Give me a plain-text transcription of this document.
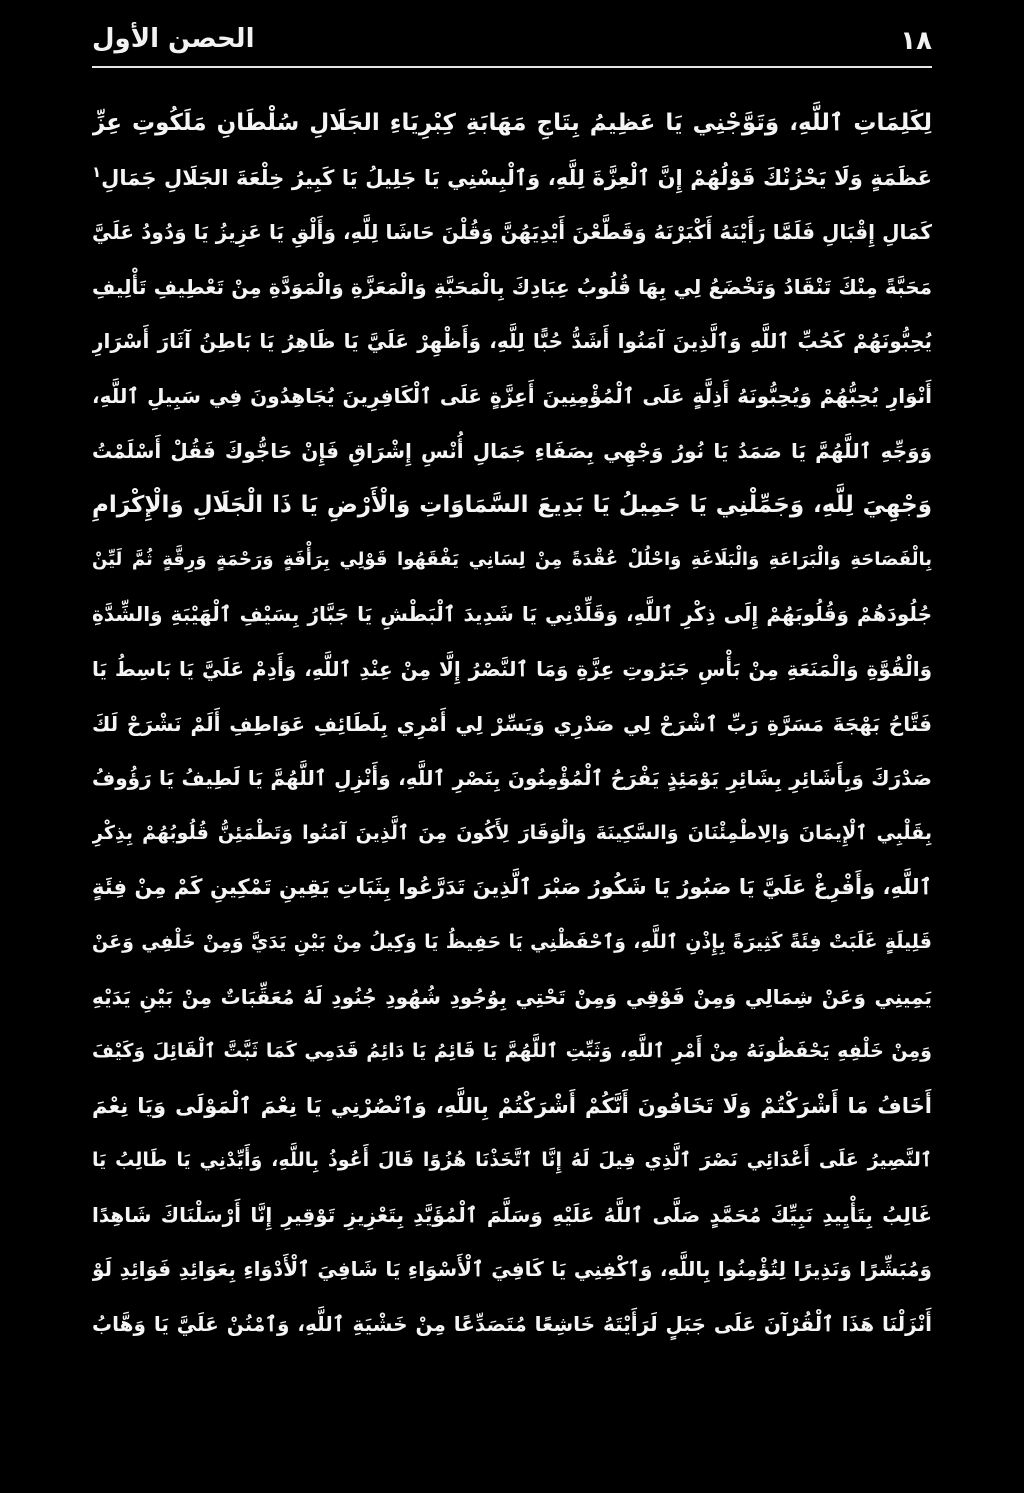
١٨
الحصن الأول
لِكَلِمَاتِ ٱللَّهِ، وَتَوَّجْنِي يَا عَظِيمُ بِتَاجِ مَهَابَةِ كِبْرِيَاءِ الجَلَالِ سُلْطَانِ مَلَكُوتِ عِزِّ
عَظَمَةٍ وَلَا يَحْزُنْكَ قَوْلُهُمْ إِنَّ ٱلْعِزَّةَ لِلَّهِ، وَٱلْبِسْنِي يَا جَلِيلُ يَا كَبِيرُ خِلْعَةَ الجَلَالِ جَمَالِ$^١$
كَمَالِ إِقْبَالِ فَلَمَّا رَأَيْنَهُ أَكْبَرْنَهُ وَقَطَّعْنَ أَيْدِيَهُنَّ وَقُلْنَ حَاشَا لِلَّهِ، وَأَلْقِ يَا عَزِيزُ يَا وَدُودُ عَلَيَّ
مَحَبَّةً مِنْكَ تَنْقَادُ وَتَخْضَعُ لِي بِهَا قُلُوبُ عِبَادِكَ بِالْمَحَبَّةِ وَالْمَعَزَّةِ وَالْمَوَدَّةِ مِنْ تَعْطِيفِ تَأْلِيفِ
يُحِبُّونَهُمْ كَحُبِّ ٱللَّهِ وَٱلَّذِينَ آمَنُوا أَشَدُّ حُبًّا لِلَّهِ، وَأَظْهِرْ عَلَيَّ يَا ظَاهِرُ يَا بَاطِنُ آثَارَ أَسْرَارِ
أَنْوَارِ يُحِبُّهُمْ وَيُحِبُّونَهُ أَذِلَّةٍ عَلَى ٱلْمُؤْمِنِينَ أَعِزَّةٍ عَلَى ٱلْكَافِرِينَ يُجَاهِدُونَ فِي سَبِيلِ ٱللَّهِ،
وَوَجِّهِ ٱللَّهُمَّ يَا صَمَدُ يَا نُورُ وَجْهِي بِصَفَاءِ جَمَالِ أُنْسِ إِشْرَاقِ فَإِنْ حَاجُّوكَ فَقُلْ أَسْلَمْتُ
وَجْهِيَ لِلَّهِ، وَجَمِّلْنِي يَا جَمِيلُ يَا بَدِيعَ السَّمَاوَاتِ وَالْأَرْضِ يَا ذَا الْجَلَالِ وَالْإِكْرَامِ
بِالْفَصَاحَةِ وَالْبَرَاعَةِ وَالْبَلَاغَةِ وَاحْلُلْ عُقْدَةً مِنْ لِسَانِي يَفْقَهُوا قَوْلِي بِرَأْفَةٍ وَرَحْمَةٍ وَرِقَّةٍ ثُمَّ لَيِّنْ
جُلُودَهُمْ وَقُلُوبَهُمْ إِلَى ذِكْرِ ٱللَّهِ، وَقَلِّدْنِي يَا شَدِيدَ ٱلْبَطْشِ يَا جَبَّارُ بِسَيْفِ ٱلْهَيْبَةِ وَالشِّدَّةِ
وَالْقُوَّةِ وَالْمَنَعَةِ مِنْ بَأْسِ جَبَرُوتِ عِزَّةِ وَمَا ٱلنَّصْرُ إِلَّا مِنْ عِنْدِ ٱللَّهِ، وَأَدِمْ عَلَيَّ يَا بَاسِطُ يَا
فَتَّاحُ بَهْجَةَ مَسَرَّةِ رَبِّ ٱشْرَحْ لِي صَدْرِي وَيَسِّرْ لِي أَمْرِي بِلَطَائِفِ عَوَاطِفِ أَلَمْ نَشْرَحْ لَكَ
صَدْرَكَ وَبِأَشَائِرِ بِشَائِرِ يَوْمَئِذٍ يَفْرَحُ ٱلْمُؤْمِنُونَ بِنَصْرِ ٱللَّهِ، وَأَنْزِلِ ٱللَّهُمَّ يَا لَطِيفُ يَا رَؤُوفُ
بِقَلْبِي ٱلْإِيمَانَ وَالِاطْمِئْنَانَ وَالسَّكِينَةَ وَالْوَقَارَ لِأَكُونَ مِنَ ٱلَّذِينَ آمَنُوا وَتَطْمَئِنُّ قُلُوبُهُمْ بِذِكْرِ
ٱللَّهِ، وَأَفْرِغْ عَلَيَّ يَا صَبُورُ يَا شَكُورُ صَبْرَ ٱلَّذِينَ تَدَرَّعُوا بِثَبَاتِ يَقِينِ تَمْكِينِ كَمْ مِنْ فِئَةٍ
قَلِيلَةٍ غَلَبَتْ فِئَةً كَثِيرَةً بِإِذْنِ ٱللَّهِ، وَٱحْفَظْنِي يَا حَفِيظُ يَا وَكِيلُ مِنْ بَيْنِ يَدَيَّ وَمِنْ خَلْفِي وَعَنْ
يَمِينِي وَعَنْ شِمَالِي وَمِنْ فَوْقِي وَمِنْ تَحْتِي بِوُجُودِ شُهُودِ جُنُودِ لَهُ مُعَقِّبَاتٌ مِنْ بَيْنِ يَدَيْهِ
وَمِنْ خَلْفِهِ يَحْفَظُونَهُ مِنْ أَمْرِ ٱللَّهِ، وَثَبِّتِ ٱللَّهُمَّ يَا قَائِمُ يَا دَائِمُ قَدَمِي كَمَا ثَبَّتَّ ٱلْقَائِلَ وَكَيْفَ
أَخَافُ مَا أَشْرَكْتُمْ وَلَا تَخَافُونَ أَنَّكُمْ أَشْرَكْتُمْ بِاللَّهِ، وَٱنْصُرْنِي يَا نِعْمَ ٱلْمَوْلَى وَيَا نِعْمَ
ٱلنَّصِيرُ عَلَى أَعْدَائِي نَصْرَ ٱلَّذِي قِيلَ لَهُ إِنَّا ٱتَّخَذْنَا هُزُوًا قَالَ أَعُوذُ بِاللَّهِ، وَأَيِّدْنِي يَا طَالِبُ يَا
غَالِبُ بِتَأْيِيدِ نَبِيِّكَ مُحَمَّدٍ صَلَّى ٱللَّهُ عَلَيْهِ وَسَلَّمَ ٱلْمُؤَيَّدِ بِتَعْزِيزِ تَوْقِيرِ إِنَّا أَرْسَلْنَاكَ شَاهِدًا
وَمُبَشِّرًا وَنَذِيرًا لِتُؤْمِنُوا بِاللَّهِ، وَٱكْفِنِي يَا كَافِيَ ٱلْأَسْوَاءِ يَا شَافِيَ ٱلْأَدْوَاءِ بِعَوَائِدِ فَوَائِدِ لَوْ
أَنْزَلْنَا هَذَا ٱلْقُرْآنَ عَلَى جَبَلٍ لَرَأَيْتَهُ خَاشِعًا مُتَصَدِّعًا مِنْ خَشْيَةِ ٱللَّهِ، وَٱمْنُنْ عَلَيَّ يَا وَهَّابُ
